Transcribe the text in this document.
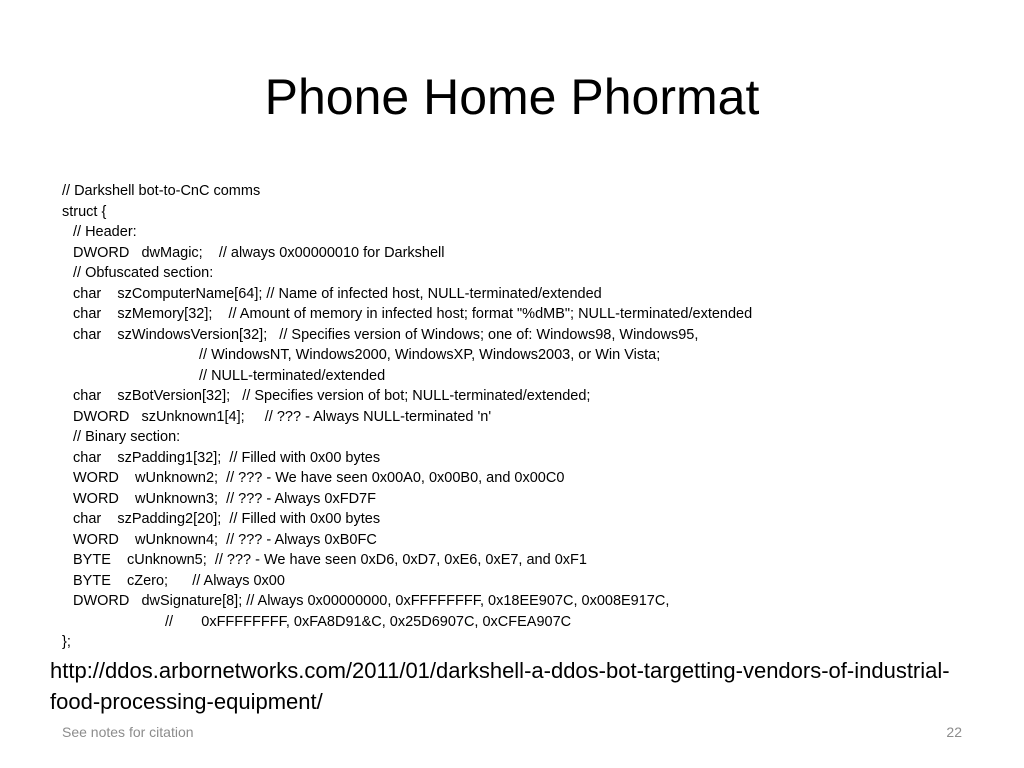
Phone Home Phormat
// Darkshell bot-to-CnC comms
struct {
// Header:
DWORD   dwMagic;    // always 0x00000010 for Darkshell
// Obfuscated section:
char    szComputerName[64]; // Name of infected host, NULL-terminated/extended
char    szMemory[32];    // Amount of memory in infected host; format "%dMB"; NULL-terminated/extended
char    szWindowsVersion[32];   // Specifies version of Windows; one of: Windows98, Windows95,
// WindowsNT, Windows2000, WindowsXP, Windows2003, or Win Vista;
// NULL-terminated/extended
char    szBotVersion[32];   // Specifies version of bot; NULL-terminated/extended;
DWORD   szUnknown1[4];     // ??? - Always NULL-terminated 'n'
// Binary section:
char    szPadding1[32];  // Filled with 0x00 bytes
WORD    wUnknown2;  // ??? - We have seen 0x00A0, 0x00B0, and 0x00C0
WORD    wUnknown3;  // ??? - Always 0xFD7F
char    szPadding2[20];  // Filled with 0x00 bytes
WORD    wUnknown4;  // ??? - Always 0xB0FC
BYTE    cUnknown5;  // ??? - We have seen 0xD6, 0xD7, 0xE6, 0xE7, and 0xF1
BYTE    cZero;      // Always 0x00
DWORD   dwSignature[8]; // Always 0x00000000, 0xFFFFFFFF, 0x18EE907C, 0x008E917C,
//       0xFFFFFFFF, 0xFA8D91&C, 0x25D6907C, 0xCFEA907C
};
http://ddos.arbornetworks.com/2011/01/darkshell-a-ddos-bot-targetting-vendors-of-industrial-food-processing-equipment/
See notes for citation	22
